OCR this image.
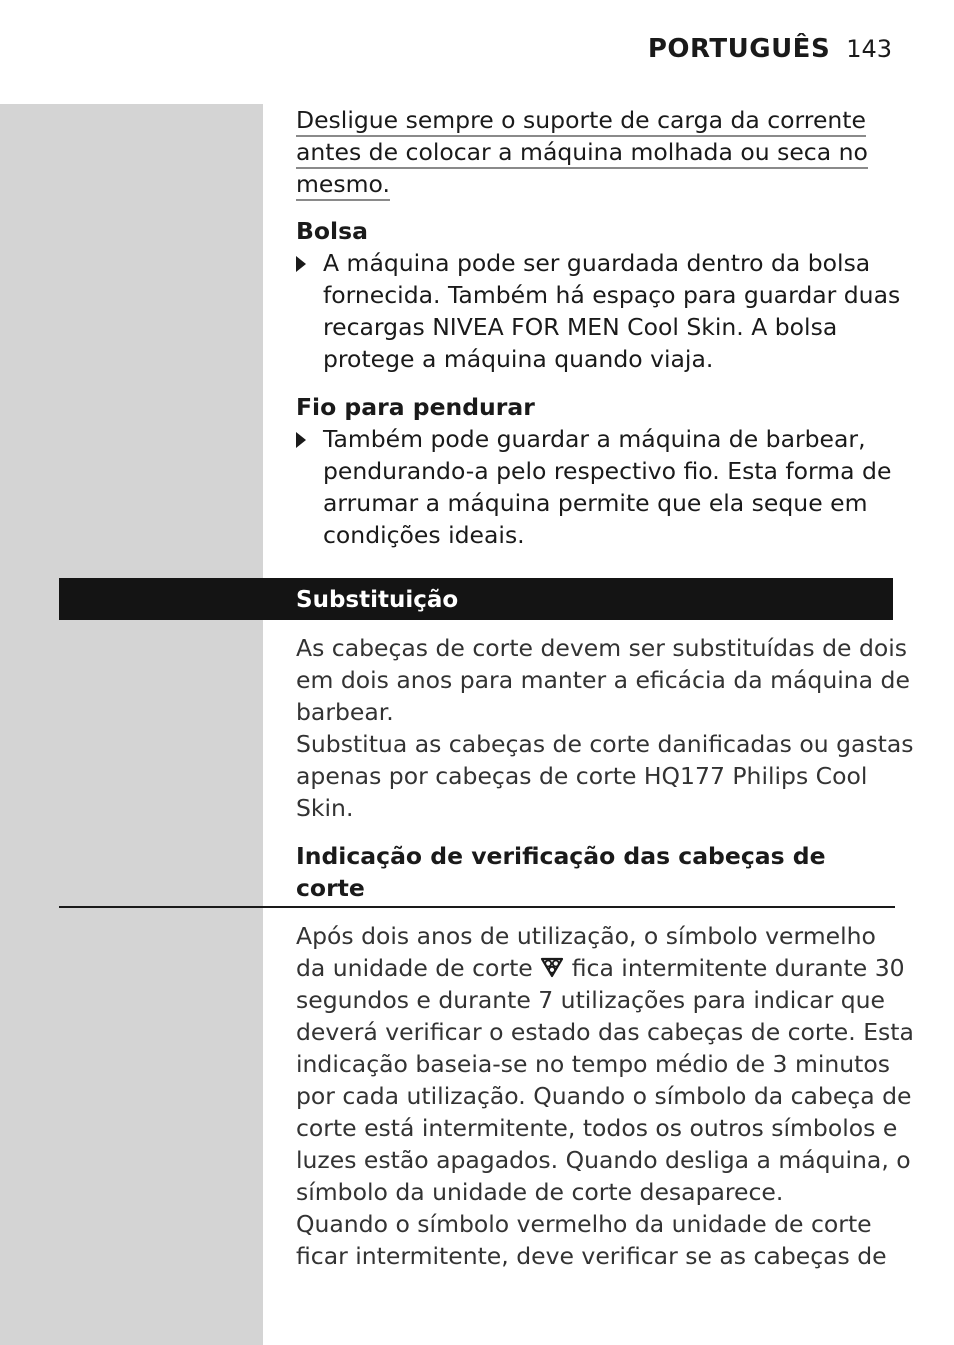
PORTUGUÊS 143
Desligue sempre o suporte de carga da corrente
antes de colocar a máquina molhada ou seca no
mesmo.
Bolsa
A máquina pode ser guardada dentro da bolsa
fornecida. Também há espaço para guardar duas
recargas NIVEA FOR MEN Cool Skin. A bolsa
protege a máquina quando viaja.
Fio para pendurar
Também pode guardar a máquina de barbear,
pendurando-a pelo respectivo fio. Esta forma de
arrumar a máquina permite que ela seque em
condições ideais.
Substituição
As cabeças de corte devem ser substituídas de dois
em dois anos para manter a eficácia da máquina de
barbear.
Substitua as cabeças de corte danificadas ou gastas
apenas por cabeças de corte HQ177 Philips Cool
Skin.
Indicação de verificação das cabeças de
corte
Após dois anos de utilização, o símbolo vermelho
da unidade de corte fica intermitente durante 30
segundos e durante 7 utilizações para indicar que
deverá verificar o estado das cabeças de corte. Esta
indicação baseia-se no tempo médio de 3 minutos
por cada utilização. Quando o símbolo da cabeça de
corte está intermitente, todos os outros símbolos e
luzes estão apagados. Quando desliga a máquina, o
símbolo da unidade de corte desaparece.
Quando o símbolo vermelho da unidade de corte
ficar intermitente, deve verificar se as cabeças de
